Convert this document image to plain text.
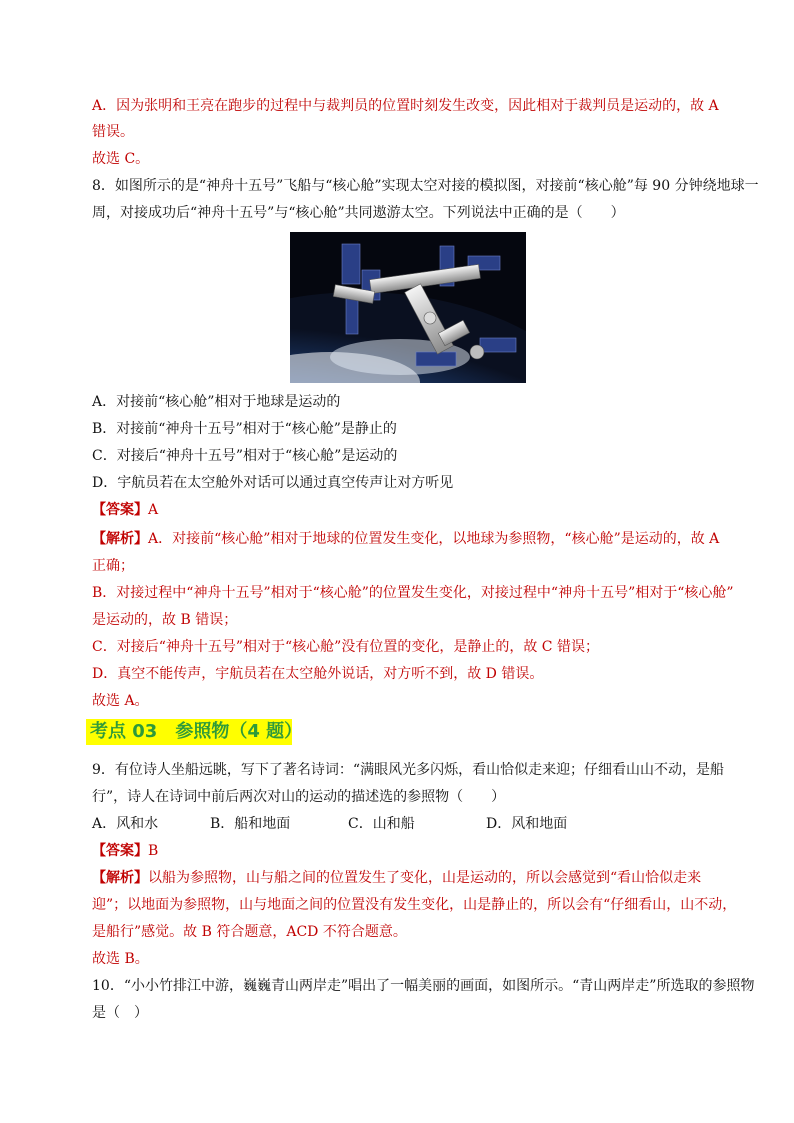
A．因为张明和王亮在跑步的过程中与裁判员的位置时刻发生改变，因此相对于裁判员是运动的，故 A
错误。
故选 C。
8．如图所示的是“神舟十五号”飞船与“核心舱”实现太空对接的模拟图，对接前“核心舱”每 90 分钟绕地球一
周，对接成功后“神舟十五号”与“核心舱”共同遨游太空。下列说法中正确的是（　　）
A．对接前“核心舱”相对于地球是运动的
B．对接前“神舟十五号”相对于“核心舱”是静止的
C．对接后“神舟十五号”相对于“核心舱”是运动的
D．宇航员若在太空舱外对话可以通过真空传声让对方听见
【答案】A
【解析】A．对接前“核心舱”相对于地球的位置发生变化，以地球为参照物，“核心舱”是运动的，故 A
正确；
B．对接过程中“神舟十五号”相对于“核心舱”的位置发生变化，对接过程中“神舟十五号”相对于“核心舱”
是运动的，故 B 错误；
C．对接后“神舟十五号”相对于“核心舱”没有位置的变化，是静止的，故 C 错误；
D．真空不能传声，宇航员若在太空舱外说话，对方听不到，故 D 错误。
故选 A。
考点 03　参照物（4 题）
9．有位诗人坐船远眺，写下了著名诗词：“满眼风光多闪烁，看山恰似走来迎；仔细看山山不动，是船
行”，诗人在诗词中前后两次对山的运动的描述选的参照物（　　）
A．风和水	B．船和地面	C．山和船	D．风和地面
【答案】B
【解析】以船为参照物，山与船之间的位置发生了变化，山是运动的，所以会感觉到“看山恰似走来
迎”；以地面为参照物，山与地面之间的位置没有发生变化，山是静止的，所以会有“仔细看山，山不动，
是船行”感觉。故 B 符合题意，ACD 不符合题意。
故选 B。
10．“小小竹排江中游，巍巍青山两岸走”唱出了一幅美丽的画面，如图所示。“青山两岸走”所选取的参照物
是（　）
